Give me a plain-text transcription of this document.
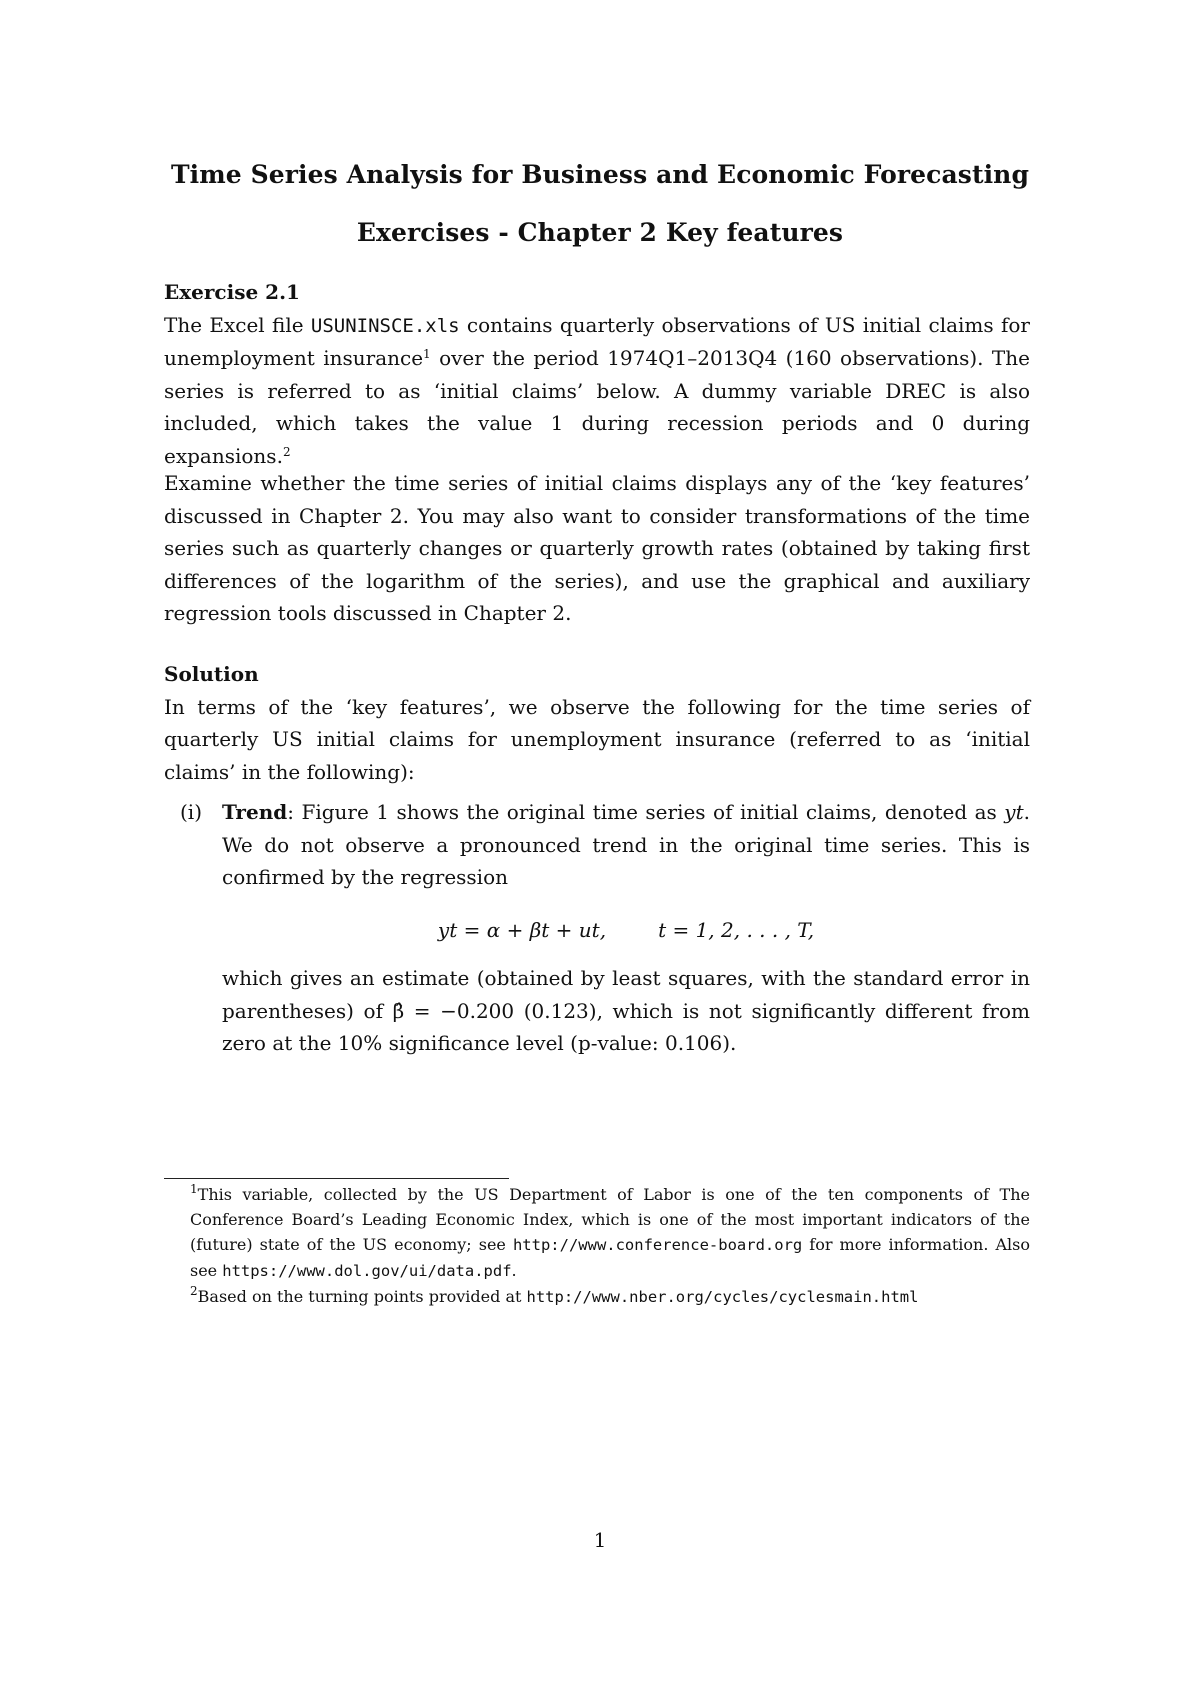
Time Series Analysis for Business and Economic Forecasting
Exercises - Chapter 2 Key features
Exercise 2.1
The Excel file USUNINSCE.xls contains quarterly observations of US initial claims for unemployment insurance$^1$ over the period 1974Q1–2013Q4 (160 observations). The series is referred to as ‘initial claims’ below. A dummy variable DREC is also included, which takes the value 1 during recession periods and 0 during expansions.$^2$
Examine whether the time series of initial claims displays any of the ‘key features’ discussed in Chapter 2. You may also want to consider transformations of the time series such as quarterly changes or quarterly growth rates (obtained by taking first differences of the logarithm of the series), and use the graphical and auxiliary regression tools discussed in Chapter 2.
Solution
In terms of the ‘key features’, we observe the following for the time series of quarterly US initial claims for unemployment insurance (referred to as ‘initial claims’ in the following):
(i) Trend: Figure 1 shows the original time series of initial claims, denoted as yt. We do not observe a pronounced trend in the original time series. This is confirmed by the regression
yt = α + βt + ut,	t = 1, 2, . . . , T,
which gives an estimate (obtained by least squares, with the standard error in parentheses) of β̂ = −0.200 (0.123), which is not significantly different from zero at the 10% significance level (p-value: 0.106).
$^1$This variable, collected by the US Department of Labor is one of the ten components of The Conference Board’s Leading Economic Index, which is one of the most important indicators of the (future) state of the US economy; see http://www.conference-board.org for more information. Also see https://www.dol.gov/ui/data.pdf.
$^2$Based on the turning points provided at http://www.nber.org/cycles/cyclesmain.html
1
